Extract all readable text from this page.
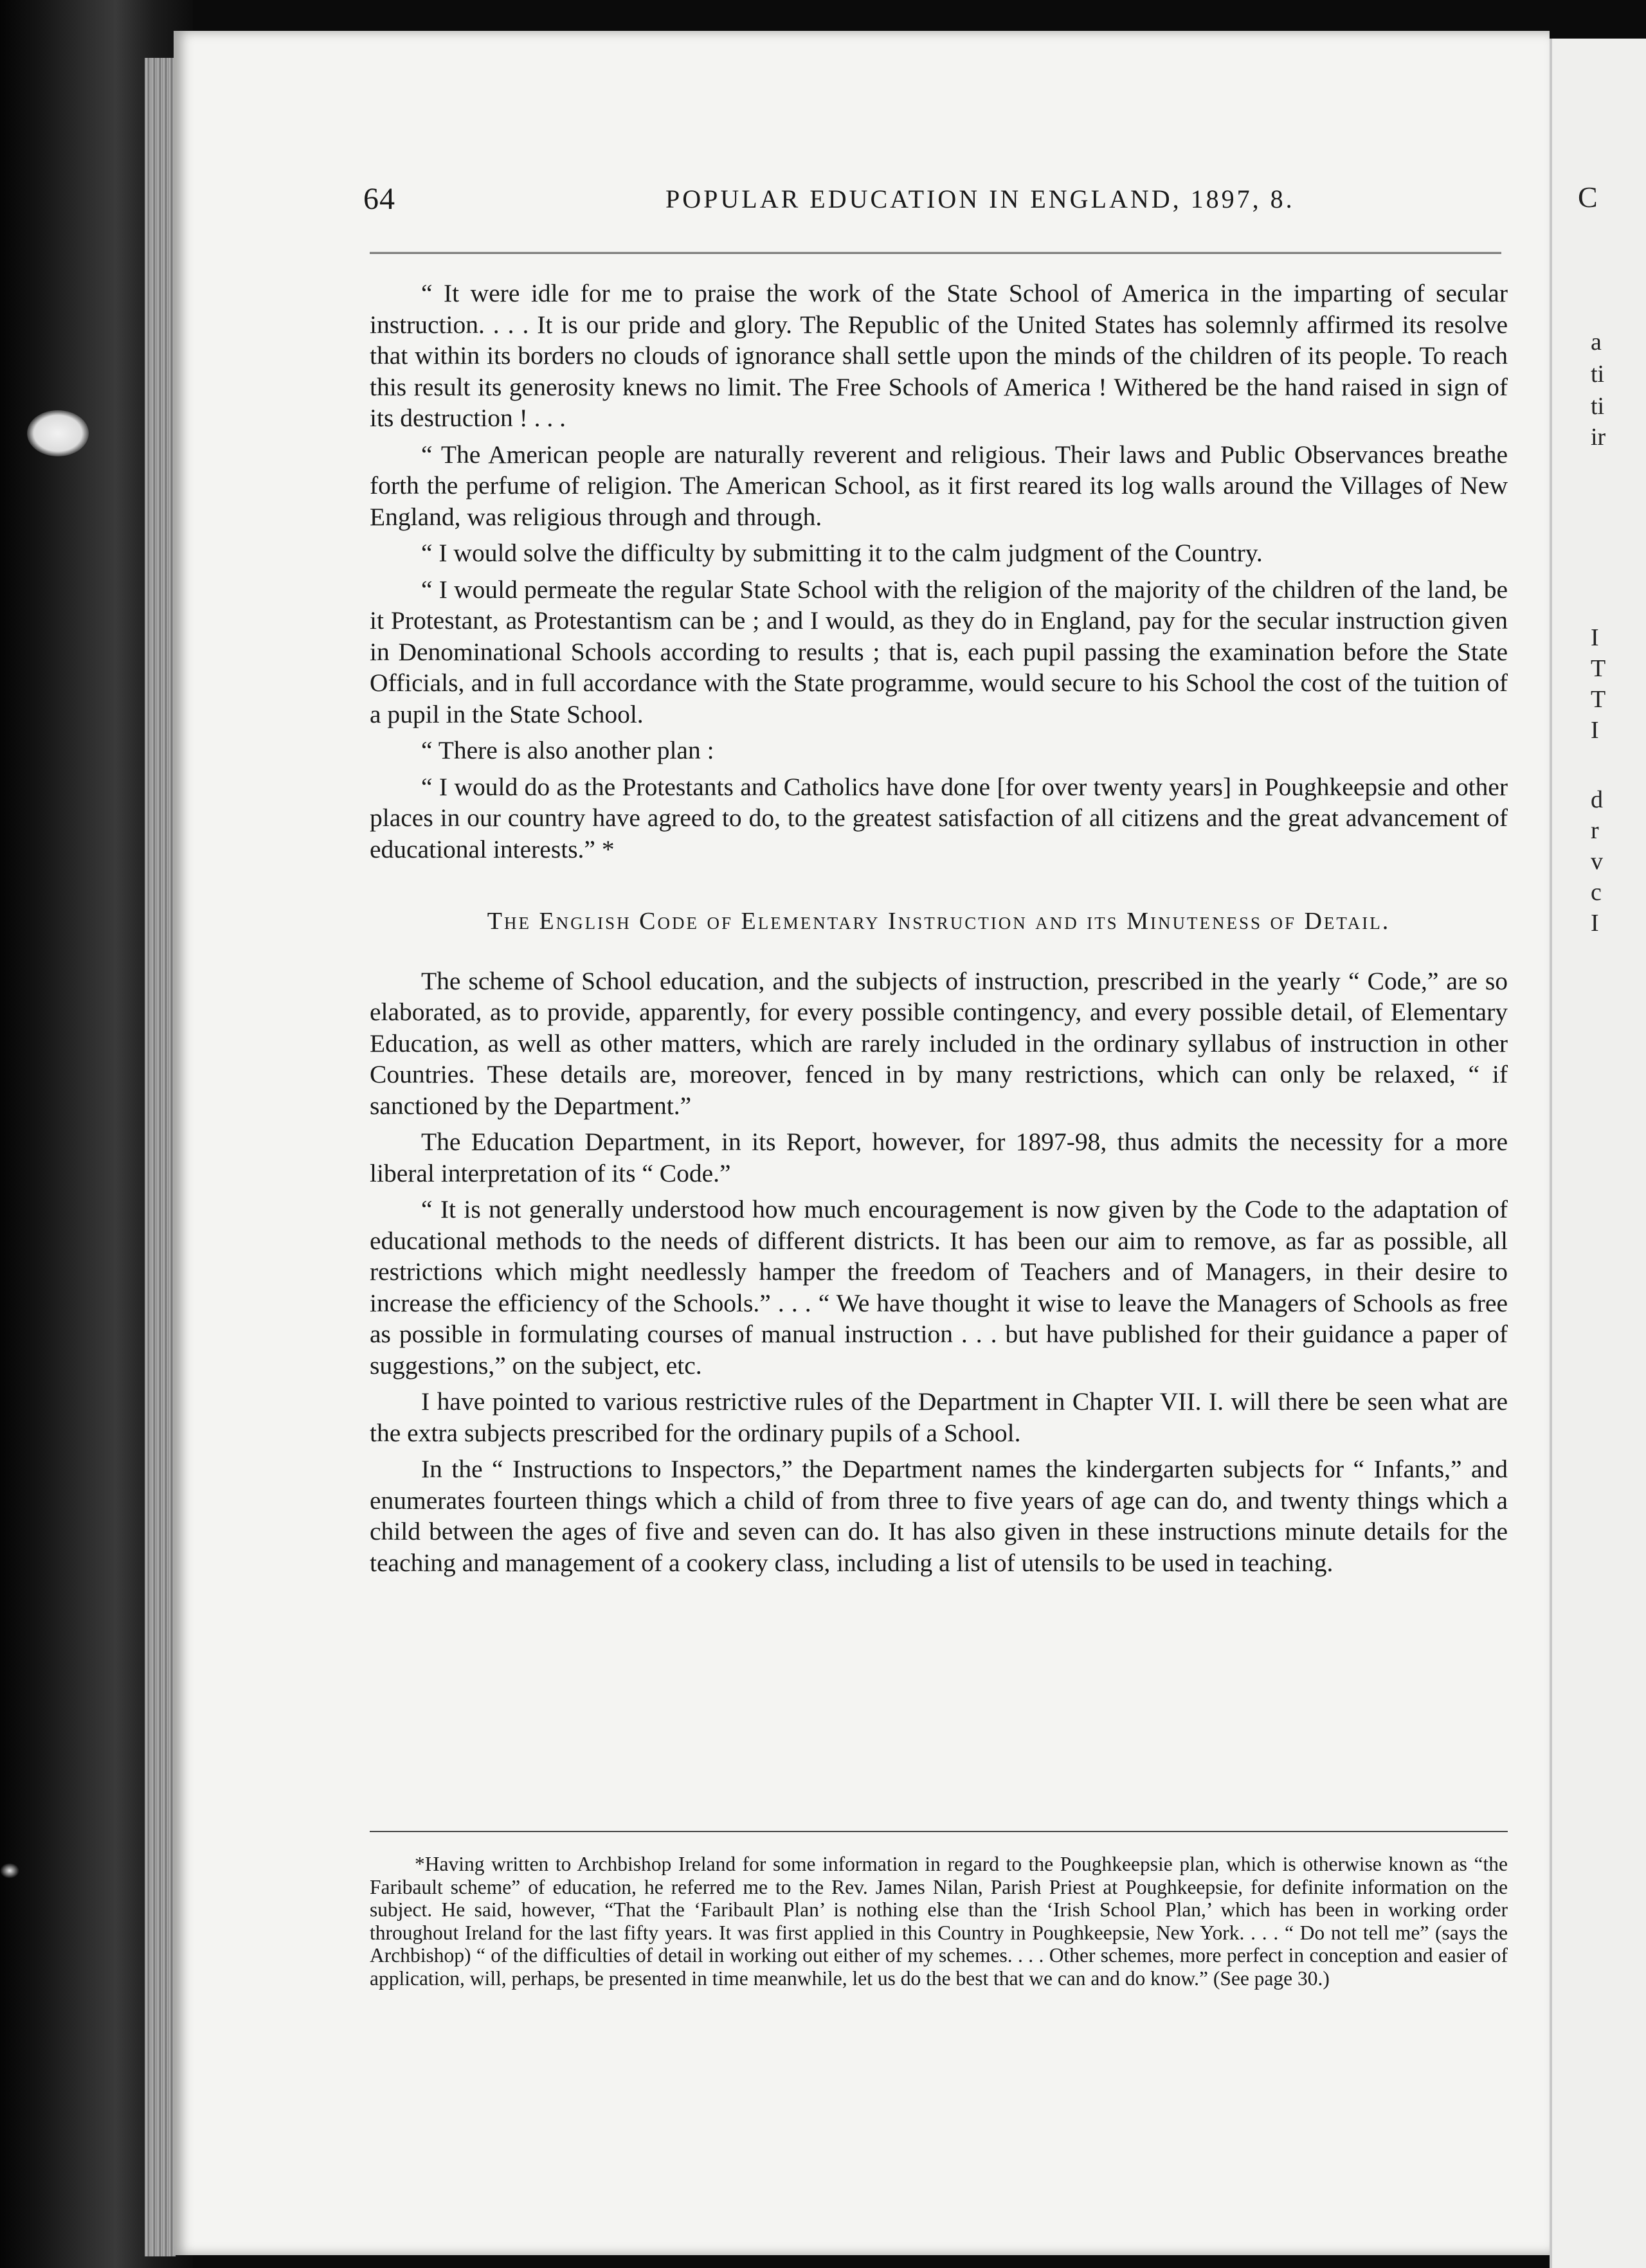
C
a
ti
ti
ir
I
T
T
I
d
r
v
c
I
64	POPULAR EDUCATION IN ENGLAND, 1897, 8.

“ It were idle for me to praise the work of the State School of America in the imparting of secular instruction. . . . It is our pride and glory. The Republic of the United States has solemnly affirmed its resolve that within its borders no clouds of ignorance shall settle upon the minds of the children of its people. To reach this result its generosity knews no limit. The Free Schools of America ! Withered be the hand raised in sign of its destruction ! . . .

“ The American people are naturally reverent and religious. Their laws and Public Observances breathe forth the perfume of religion. The American School, as it first reared its log walls around the Villages of New England, was religious through and through.

“ I would solve the difficulty by submitting it to the calm judgment of the Country.

“ I would permeate the regular State School with the religion of the majority of the children of the land, be it Protestant, as Protestantism can be ; and I would, as they do in England, pay for the secular instruction given in Denominational Schools according to results ; that is, each pupil passing the examination before the State Officials, and in full accordance with the State programme, would secure to his School the cost of the tuition of a pupil in the State School.

“ There is also another plan :

“ I would do as the Protestants and Catholics have done [for over twenty years] in Poughkeepsie and other places in our country have agreed to do, to the greatest satisfaction of all citizens and the great advancement of educational interests.” *

The English Code of Elementary Instruction and its Minuteness of Detail.

The scheme of School education, and the subjects of instruction, prescribed in the yearly “ Code,” are so elaborated, as to provide, apparently, for every possible contingency, and every possible detail, of Elementary Education, as well as other matters, which are rarely included in the ordinary syllabus of instruction in other Countries. These details are, moreover, fenced in by many restrictions, which can only be relaxed, “ if sanctioned by the Department.”

The Education Department, in its Report, however, for 1897-98, thus admits the necessity for a more liberal interpretation of its “ Code.”

“ It is not generally understood how much encouragement is now given by the Code to the adaptation of educational methods to the needs of different districts. It has been our aim to remove, as far as possible, all restrictions which might needlessly hamper the freedom of Teachers and of Managers, in their desire to increase the efficiency of the Schools.” . . . “ We have thought it wise to leave the Managers of Schools as free as possible in formulating courses of manual instruction . . . but have published for their guidance a paper of suggestions,” on the subject, etc.

I have pointed to various restrictive rules of the Department in Chapter VII. I. will there be seen what are the extra subjects prescribed for the ordinary pupils of a School.

In the “ Instructions to Inspectors,” the Department names the kindergarten subjects for “ Infants,” and enumerates fourteen things which a child of from three to five years of age can do, and twenty things which a child between the ages of five and seven can do. It has also given in these instructions minute details for the teaching and management of a cookery class, including a list of utensils to be used in teaching.

*Having written to Archbishop Ireland for some information in regard to the Poughkeepsie plan, which is otherwise known as “the Faribault scheme” of education, he referred me to the Rev. James Nilan, Parish Priest at Poughkeepsie, for definite information on the subject. He said, however, “That the ‘Faribault Plan’ is nothing else than the ‘Irish School Plan,’ which has been in working order throughout Ireland for the last fifty years. It was first applied in this Country in Poughkeepsie, New York. . . . “ Do not tell me” (says the Archbishop) “ of the difficulties of detail in working out either of my schemes. . . . Other schemes, more perfect in conception and easier of application, will, perhaps, be presented in time meanwhile, let us do the best that we can and do know.” (See page 30.)
